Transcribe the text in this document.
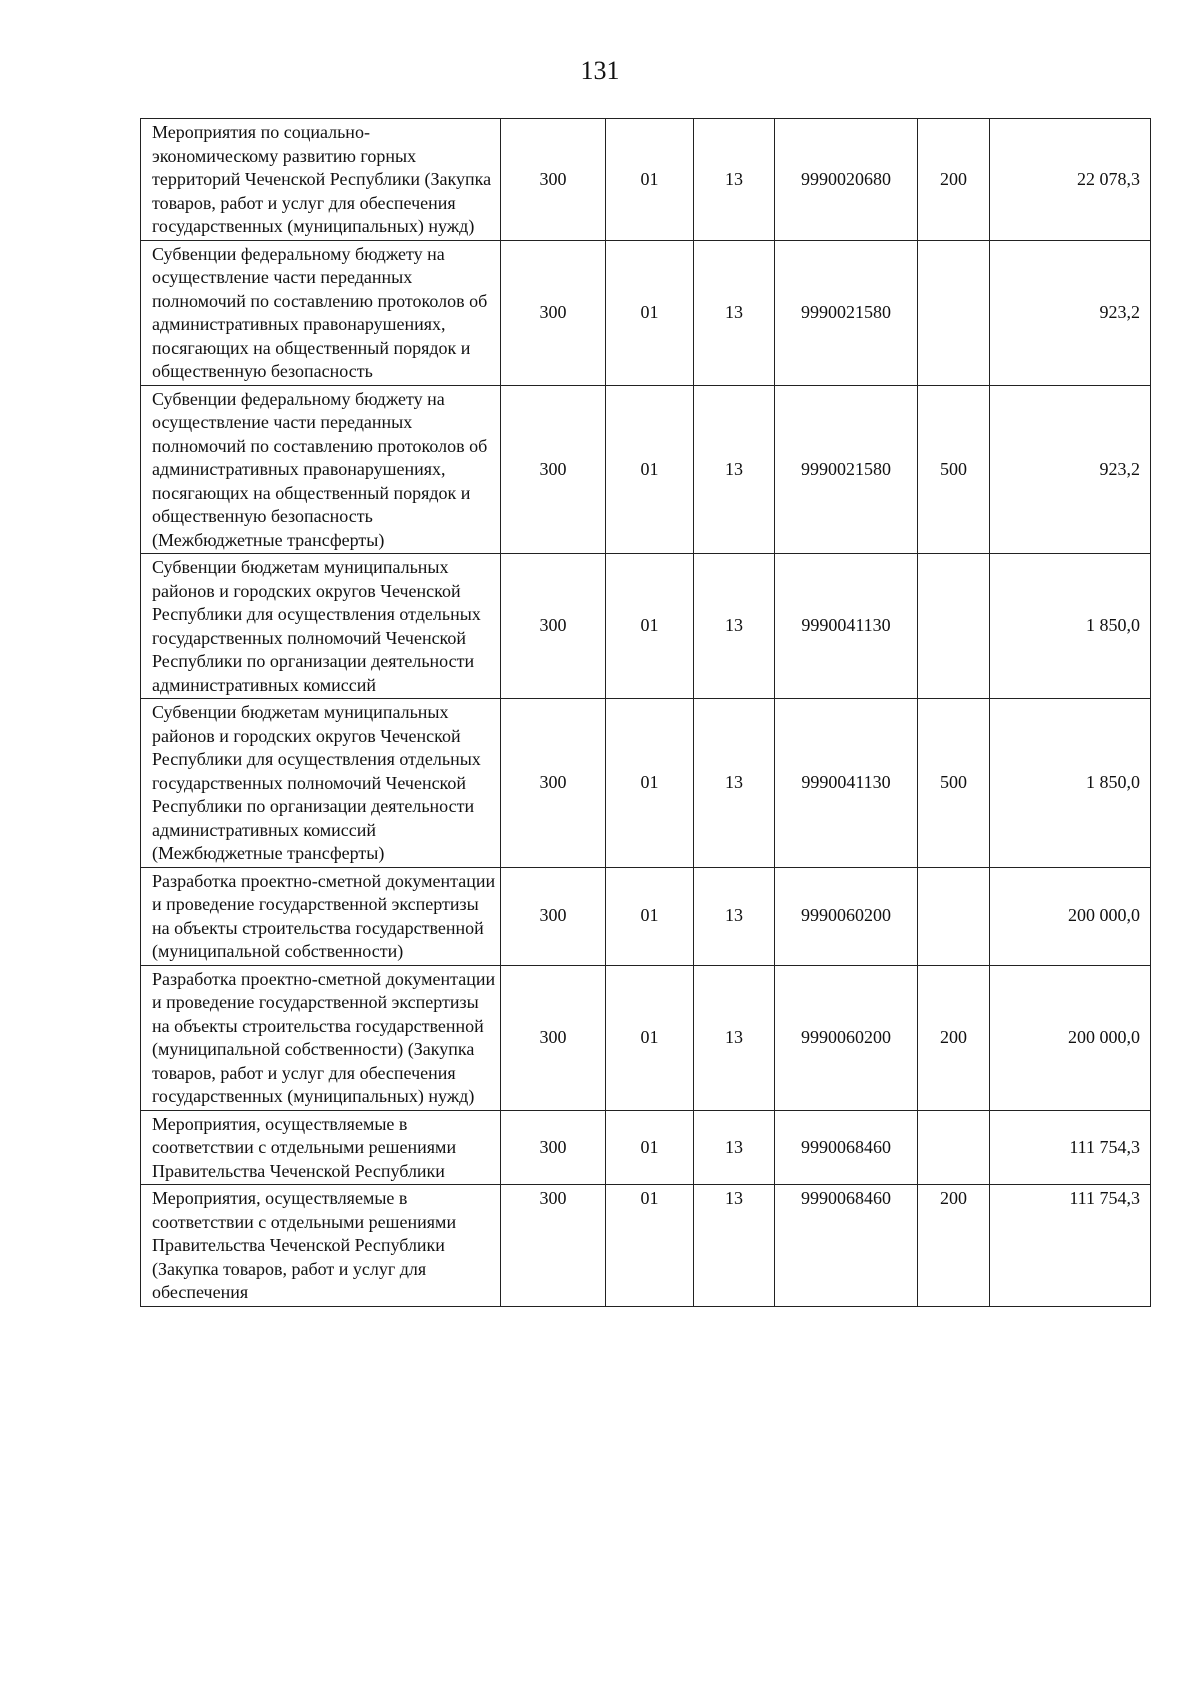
131
Мероприятия по социально-экономическому развитию горных территорий Чеченской Республики (Закупка товаров, работ и услуг для обеспечения государственных (муниципальных) нужд)	300	01	13	9990020680	200	22 078,3
Субвенции федеральному бюджету на осуществление части переданных полномочий по составлению протоколов об административных правонарушениях, посягающих на общественный порядок и общественную безопасность	300	01	13	9990021580		923,2
Субвенции федеральному бюджету на осуществление части переданных полномочий по составлению протоколов об административных правонарушениях, посягающих на общественный порядок и общественную безопасность (Межбюджетные трансферты)	300	01	13	9990021580	500	923,2
Субвенции бюджетам муниципальных районов и городских округов Чеченской Республики для осуществления отдельных государственных полномочий Чеченской Республики по организации деятельности административных комиссий	300	01	13	9990041130		1 850,0
Субвенции бюджетам муниципальных районов и городских округов Чеченской Республики для осуществления отдельных государственных полномочий Чеченской Республики по организации деятельности административных комиссий (Межбюджетные трансферты)	300	01	13	9990041130	500	1 850,0
Разработка проектно-сметной документации и проведение государственной экспертизы на объекты строительства государственной (муниципальной собственности)	300	01	13	9990060200		200 000,0
Разработка проектно-сметной документации и проведение государственной экспертизы на объекты строительства государственной (муниципальной собственности) (Закупка товаров, работ и услуг для обеспечения государственных (муниципальных) нужд)	300	01	13	9990060200	200	200 000,0
Мероприятия, осуществляемые в соответствии с отдельными решениями Правительства Чеченской Республики	300	01	13	9990068460		111 754,3
Мероприятия, осуществляемые в соответствии с отдельными решениями Правительства Чеченской Республики (Закупка товаров, работ и услуг для обеспечения	300	01	13	9990068460	200	111 754,3
